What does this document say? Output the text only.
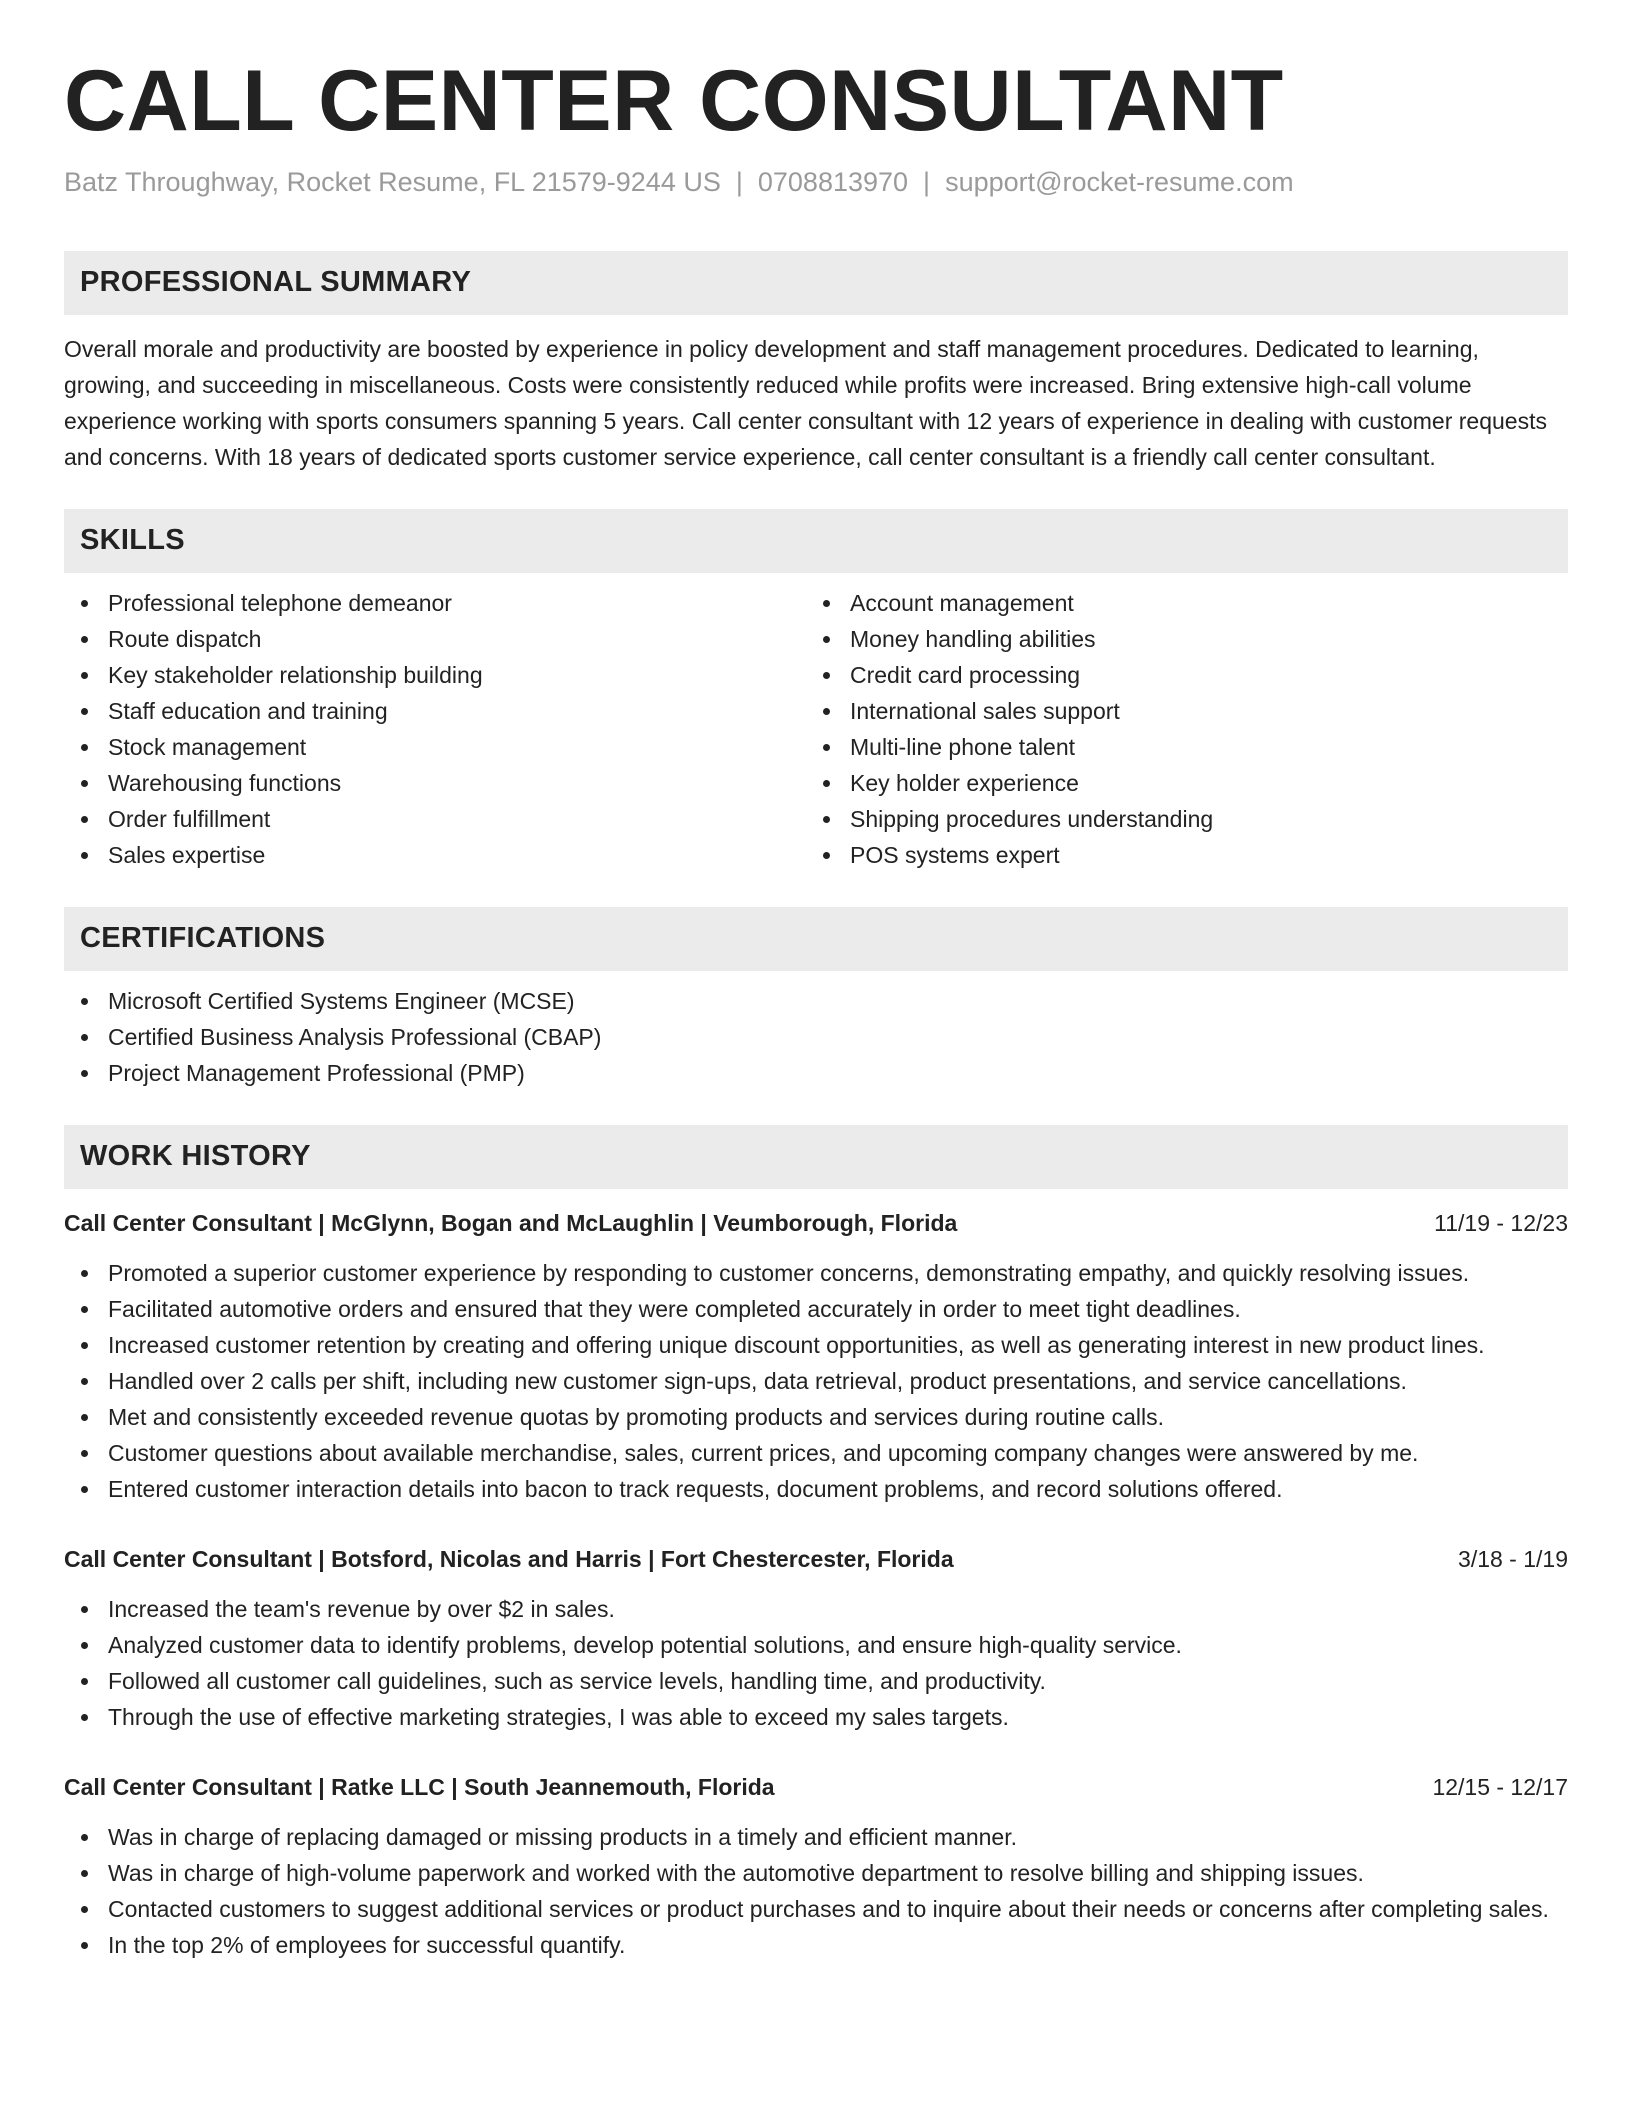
CALL CENTER CONSULTANT
Batz Throughway, Rocket Resume, FL 21579-9244 US | 0708813970 | support@rocket-resume.com
PROFESSIONAL SUMMARY

Overall morale and productivity are boosted by experience in policy development and staff management procedures. Dedicated to learning, growing, and succeeding in miscellaneous. Costs were consistently reduced while profits were increased. Bring extensive high-call volume experience working with sports consumers spanning 5 years. Call center consultant with 12 years of experience in dealing with customer requests and concerns. With 18 years of dedicated sports customer service experience, call center consultant is a friendly call center consultant.

SKILLS
Professional telephone demeanor
Route dispatch
Key stakeholder relationship building
Staff education and training
Stock management
Warehousing functions
Order fulfillment
Sales expertise
Account management
Money handling abilities
Credit card processing
International sales support
Multi-line phone talent
Key holder experience
Shipping procedures understanding
POS systems expert
CERTIFICATIONS
Microsoft Certified Systems Engineer (MCSE)
Certified Business Analysis Professional (CBAP)
Project Management Professional (PMP)
WORK HISTORY
Call Center Consultant | McGlynn, Bogan and McLaughlin | Veumborough, Florida	11/19 - 12/23
Promoted a superior customer experience by responding to customer concerns, demonstrating empathy, and quickly resolving issues.
Facilitated automotive orders and ensured that they were completed accurately in order to meet tight deadlines.
Increased customer retention by creating and offering unique discount opportunities, as well as generating interest in new product lines.
Handled over 2 calls per shift, including new customer sign-ups, data retrieval, product presentations, and service cancellations.
Met and consistently exceeded revenue quotas by promoting products and services during routine calls.
Customer questions about available merchandise, sales, current prices, and upcoming company changes were answered by me.
Entered customer interaction details into bacon to track requests, document problems, and record solutions offered.
Call Center Consultant | Botsford, Nicolas and Harris | Fort Chestercester, Florida	3/18 - 1/19
Increased the team's revenue by over $2 in sales.
Analyzed customer data to identify problems, develop potential solutions, and ensure high-quality service.
Followed all customer call guidelines, such as service levels, handling time, and productivity.
Through the use of effective marketing strategies, I was able to exceed my sales targets.
Call Center Consultant | Ratke LLC | South Jeannemouth, Florida	12/15 - 12/17
Was in charge of replacing damaged or missing products in a timely and efficient manner.
Was in charge of high-volume paperwork and worked with the automotive department to resolve billing and shipping issues.
Contacted customers to suggest additional services or product purchases and to inquire about their needs or concerns after completing sales.
In the top 2% of employees for successful quantify.
